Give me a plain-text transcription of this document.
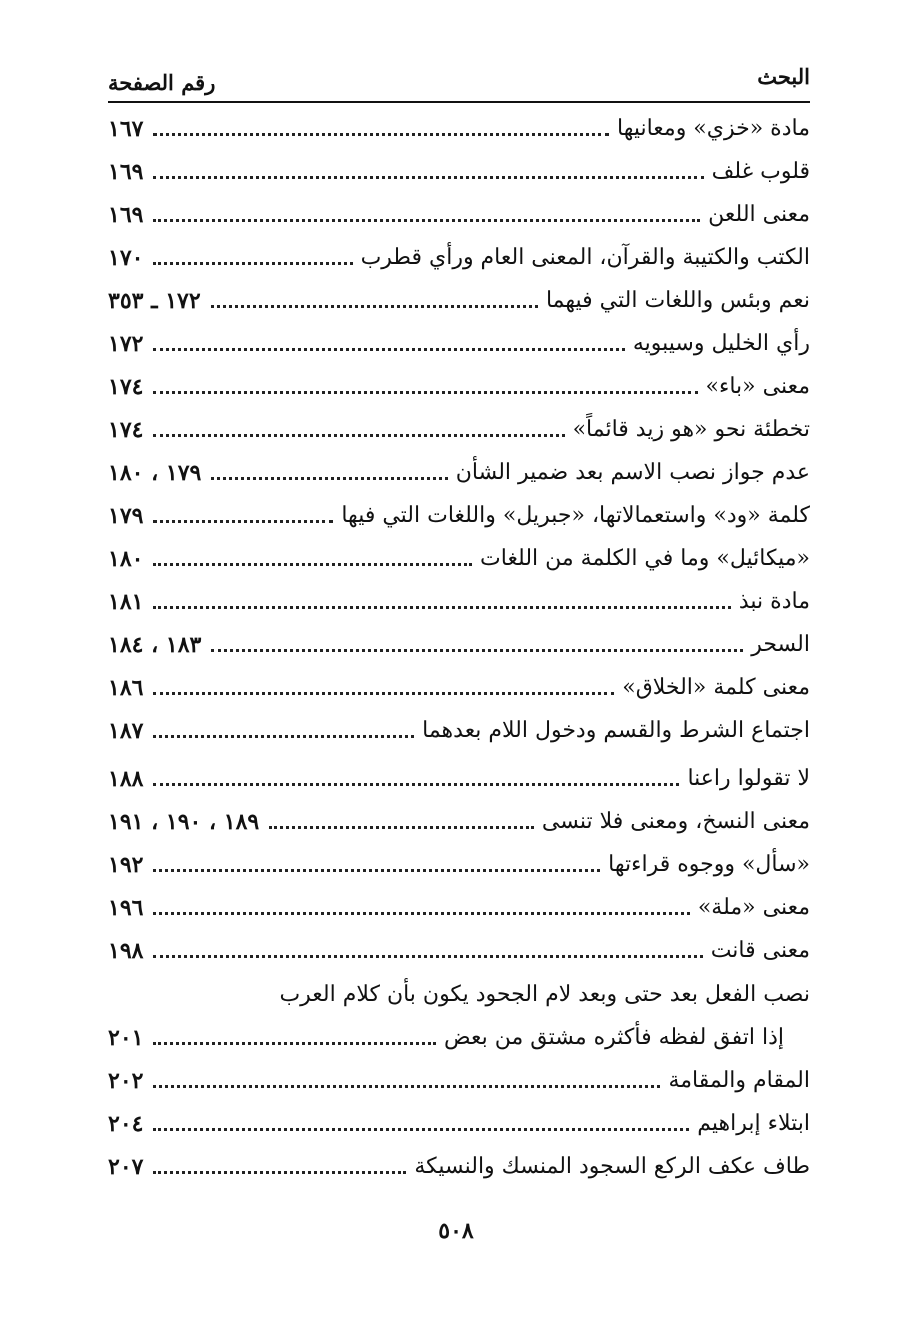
البحث
رقم الصفحة
مادة «خزي» ومعانيها
١٦٧
قلوب غلف
١٦٩
معنى اللعن
١٦٩
الكتب والكتيبة والقرآن، المعنى العام ورأي قطرب
١٧٠
نعم وبئس واللغات التي فيهما
١٧٢ ـ ٣٥٣
رأي الخليل وسيبويه
١٧٢
معنى «باء»
١٧٤
تخطئة نحو «هو زيد قائماً»
١٧٤
عدم جواز نصب الاسم بعد ضمير الشأن
١٧٩ ، ١٨٠
كلمة «ود» واستعمالاتها، «جبريل» واللغات التي فيها
١٧٩
«ميكائيل» وما في الكلمة من اللغات
١٨٠
مادة نبذ
١٨١
السحر
١٨٣ ، ١٨٤
معنى كلمة «الخلاق»
١٨٦
اجتماع الشرط والقسم ودخول اللام بعدهما
١٨٧
لا تقولوا راعنا
١٨٨
معنى النسخ، ومعنى فلا تنسى
١٨٩ ، ١٩٠ ، ١٩١
«سأل» ووجوه قراءتها
١٩٢
معنى «ملة»
١٩٦
معنى قانت
١٩٨
نصب الفعل بعد حتى وبعد لام الجحود يكون بأن كلام العرب
إذا اتفق لفظه فأكثره مشتق من بعض
٢٠١
المقام والمقامة
٢٠٢
ابتلاء إبراهيم
٢٠٤
طاف عكف الركع السجود المنسك والنسيكة
٢٠٧
٥٠٨
